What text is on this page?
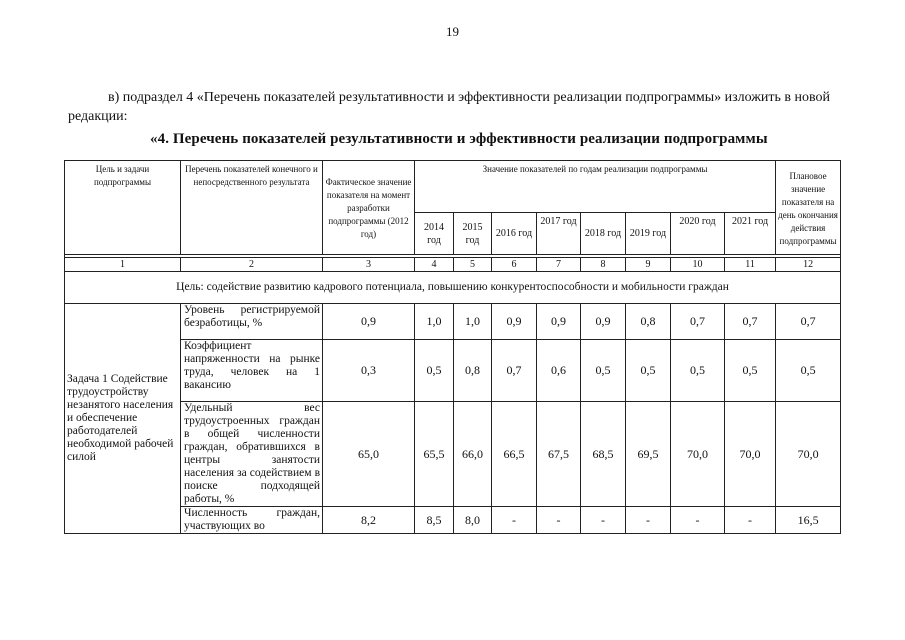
19
в) подраздел 4 «Перечень показателей результативности и эффективности реализации подпрограммы» изложить в новой редакции:
«4. Перечень показателей результативности и эффективности реализации подпрограммы
Цель и задачи подпрограммы	Перечень показателей конечного и непосредственного результата	Фактическое значение показателя на момент разработки подпрограммы (2012 год)	Значение показателей по годам реализации подпрограммы								Плановое значение показателя на день окончания действия подпрограммы
			2014 год	2015 год	2016 год	2017 год	2018 год	2019 год	2020 год	2021 год	

1	2	3	4	5	6	7	8	9	10	11	12
Цель: содействие развитию кадрового потенциала, повышению конкурентоспособности и мобильности граждан											
Задача 1 Содействие трудоустройству незанятого населения и обеспечение работодателей необходимой рабочей силой	Уровень регистрируемой безработицы, %	0,9	1,0	1,0	0,9	0,9	0,9	0,8	0,7	0,7	0,7
	Коэффициент напряженности на рынке труда, человек на 1 вакансию	0,3	0,5	0,8	0,7	0,6	0,5	0,5	0,5	0,5	0,5
	Удельный вес трудоустроенных граждан в общей численности граждан, обратившихся в центры занятости населения за содействием в поиске подходящей работы, %	65,0	65,5	66,0	66,5	67,5	68,5	69,5	70,0	70,0	70,0
	Численность граждан, участвующих во	8,2	8,5	8,0	-	-	-	-	-	-	16,5
